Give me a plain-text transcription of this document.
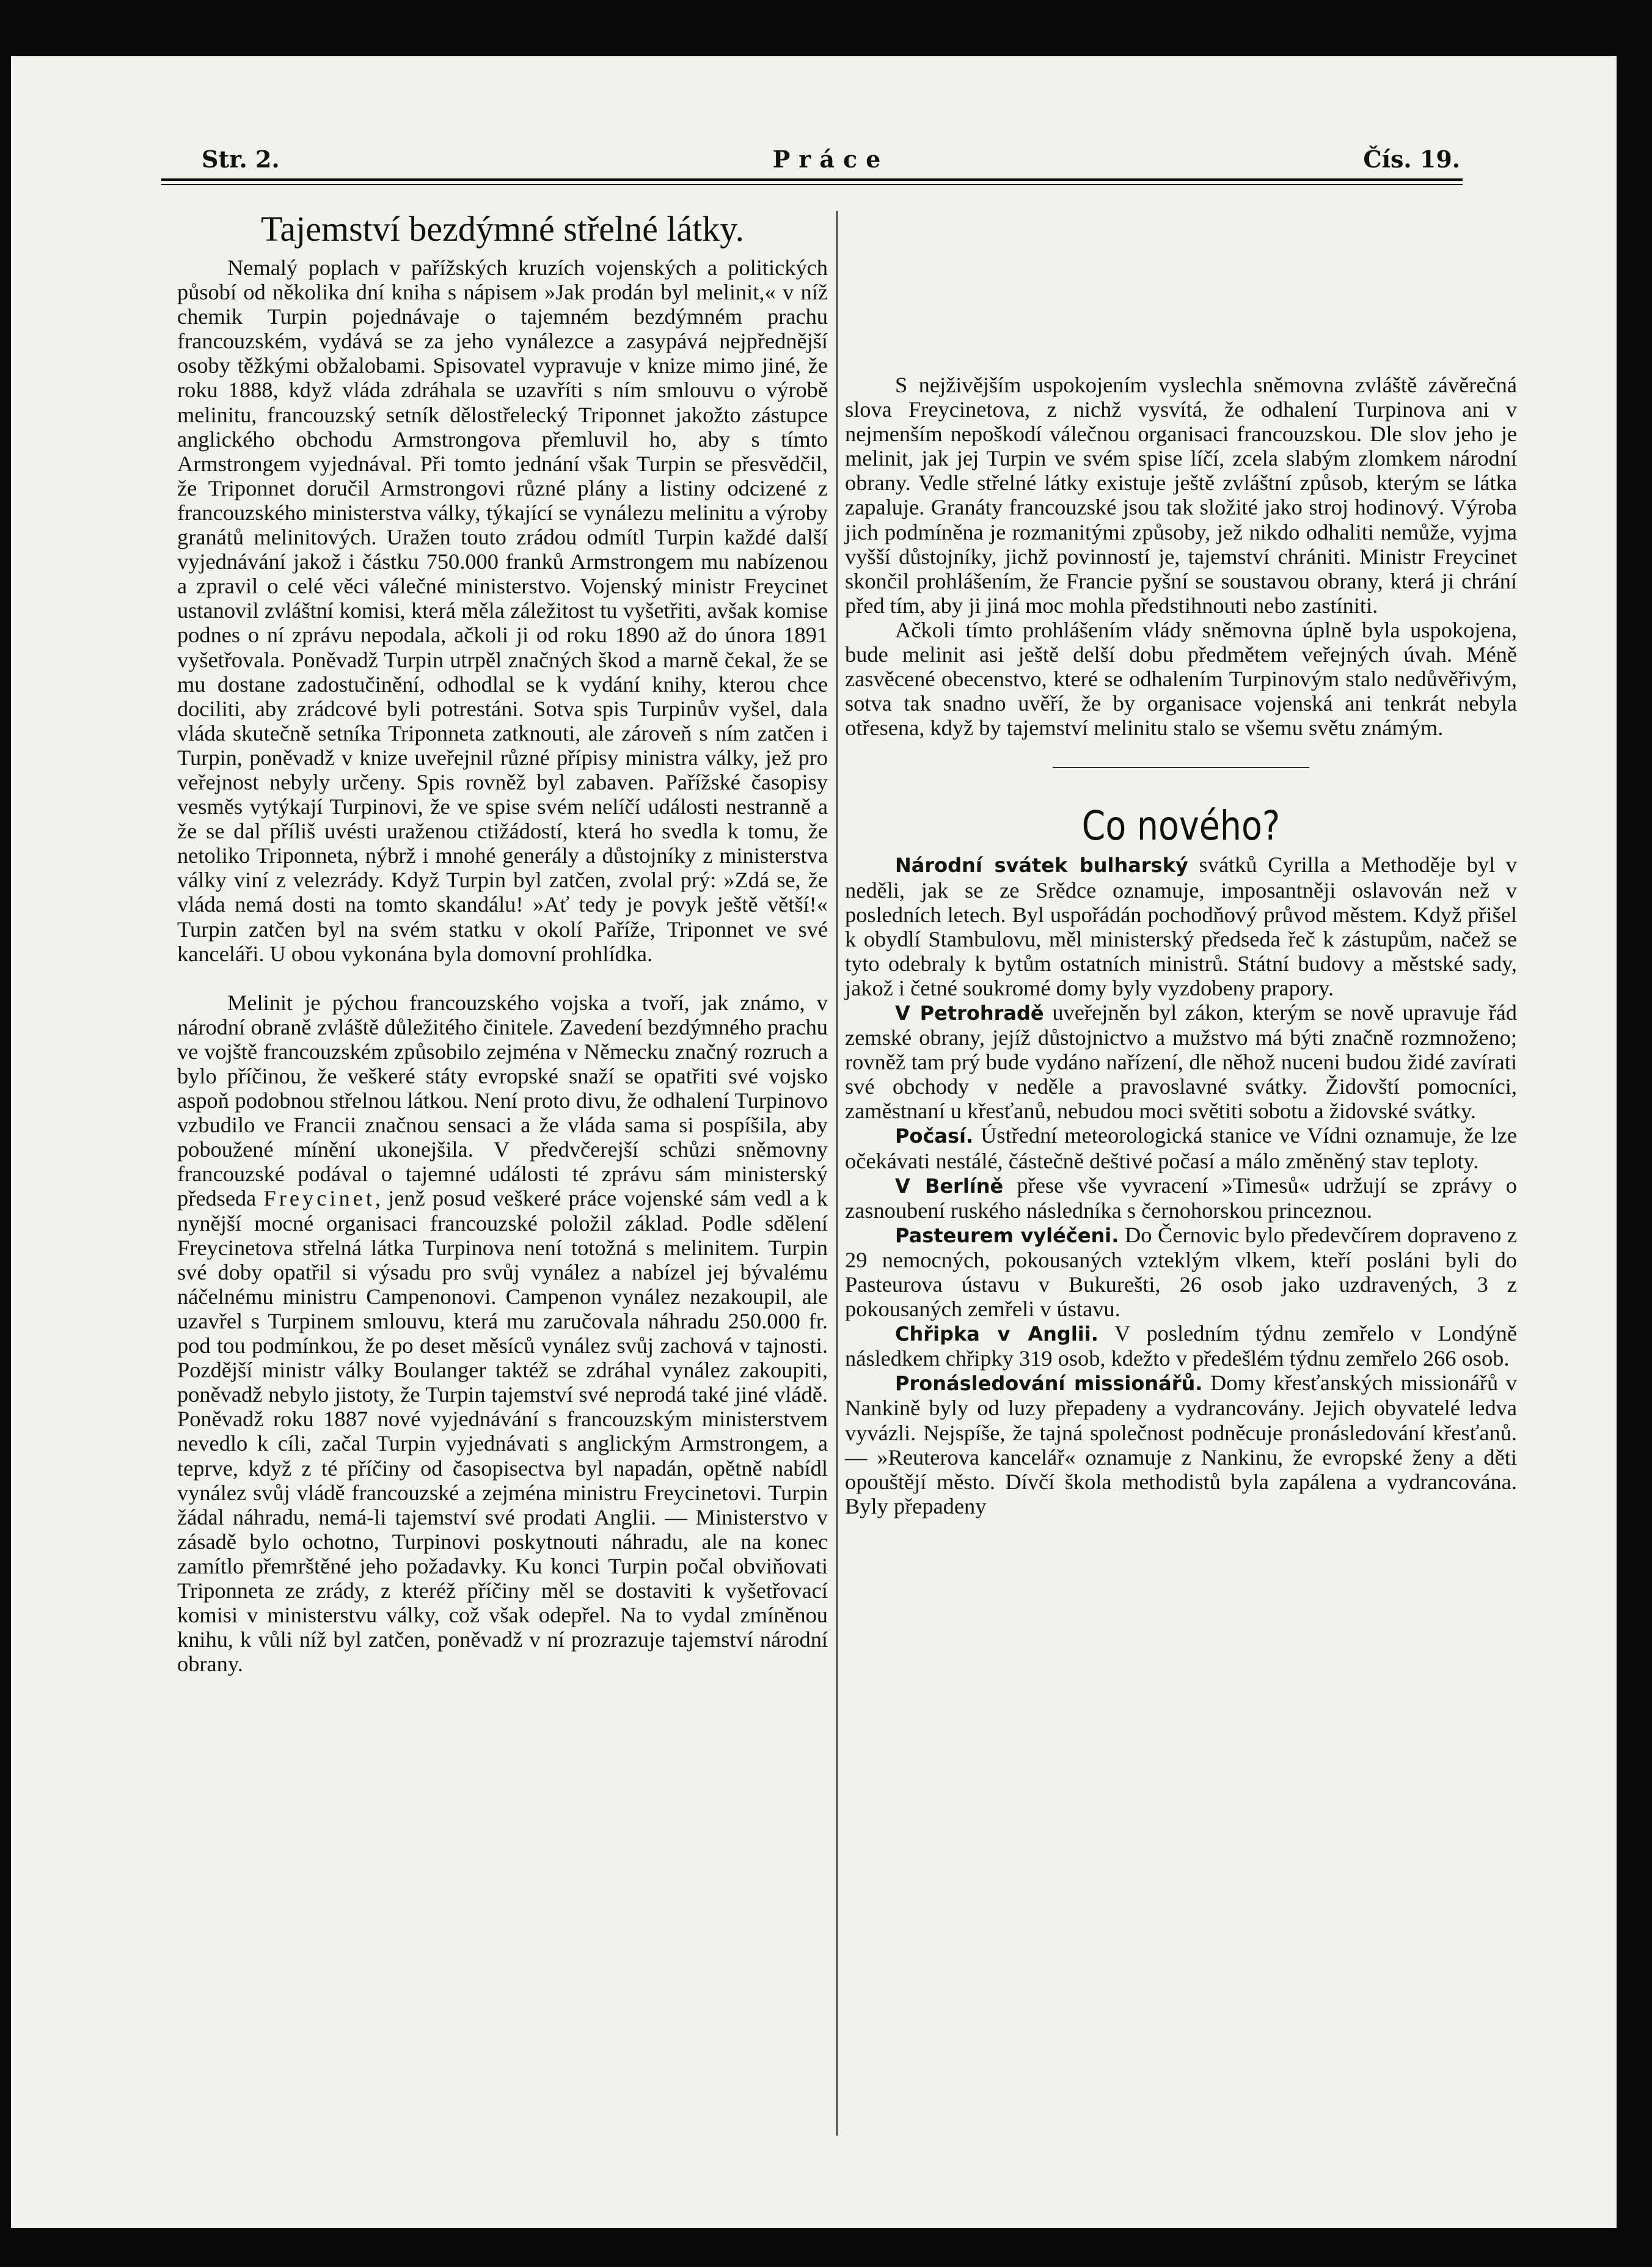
Str. 2.	Práce	Čís. 19.
Tajemství bezdýmné střelné látky.

Nemalý poplach v pařížských kruzích vojenských a politických působí od několika dní kniha s nápisem »Jak prodán byl melinit,« v níž chemik Turpin pojednávaje o tajemném bezdýmném prachu francouzském, vydává se za jeho vynálezce a zasypává nejpřednější osoby těžkými obžalobami. Spisovatel vypravuje v knize mimo jiné, že roku 1888, když vláda zdráhala se uzavříti s ním smlouvu o výrobě melinitu, francouzský setník dělostřelecký Triponnet jakožto zástupce anglického obchodu Armstrongova přemluvil ho, aby s tímto Armstrongem vyjednával. Při tomto jednání však Turpin se přesvědčil, že Triponnet doručil Armstrongovi různé plány a listiny odcizené z francouzského ministerstva války, týkající se vynálezu melinitu a výroby granátů melinitových. Uražen touto zrádou odmítl Turpin každé další vyjednávání jakož i částku 750.000 franků Armstrongem mu nabízenou a zpravil o celé věci válečné ministerstvo. Vojenský ministr Freycinet ustanovil zvláštní komisi, která měla záležitost tu vyšetřiti, avšak komise podnes o ní zprávu nepodala, ačkoli ji od roku 1890 až do února 1891 vyšetřovala. Poněvadž Turpin utrpěl značných škod a marně čekal, že se mu dostane zadostučinění, odhodlal se k vydání knihy, kterou chce dociliti, aby zrádcové byli potrestáni. Sotva spis Turpinův vyšel, dala vláda skutečně setníka Triponneta zatknouti, ale zároveň s ním zatčen i Turpin, poněvadž v knize uveřejnil různé přípisy ministra války, jež pro veřejnost nebyly určeny. Spis rovněž byl zabaven. Pařížské časopisy vesměs vytýkají Turpinovi, že ve spise svém nelíčí události nestranně a že se dal příliš uvésti uraženou ctižádostí, která ho svedla k tomu, že netoliko Triponneta, nýbrž i mnohé generály a důstojníky z ministerstva války viní z velezrády. Když Turpin byl zatčen, zvolal prý: »Zdá se, že vláda nemá dosti na tomto skandálu! »Ať tedy je povyk ještě větší!« Turpin zatčen byl na svém statku v okolí Paříže, Triponnet ve své kanceláři. U obou vykonána byla domovní prohlídka.

Melinit je pýchou francouzského vojska a tvoří, jak známo, v národní obraně zvláště důležitého činitele. Zavedení bezdýmného prachu ve vojště francouzském způsobilo zejména v Německu značný rozruch a bylo příčinou, že veškeré státy evropské snaží se opatřiti své vojsko aspoň podobnou střelnou látkou. Není proto divu, že odhalení Turpinovo vzbudilo ve Francii značnou sensaci a že vláda sama si pospíšila, aby poboužené mínění ukonejšila. V předvčerejší schůzi sněmovny francouzské podával o tajemné události té zprávu sám ministerský předseda Freycinet, jenž posud veškeré práce vojenské sám vedl a k nynější mocné organisaci francouzské položil základ. Podle sdělení Freycinetova střelná látka Turpinova není totožná s melinitem. Turpin své doby opatřil si výsadu pro svůj vynález a nabízel jej bývalému náčelnému ministru Campenonovi. Campenon vynález nezakoupil, ale uzavřel s Turpinem smlouvu, která mu zaručovala náhradu 250.000 fr. pod tou podmínkou, že po deset měsíců vynález svůj zachová v tajnosti. Pozdější ministr války Boulanger taktéž se zdráhal vynález zakoupiti, poněvadž nebylo jistoty, že Turpin tajemství své neprodá také jiné vládě. Poněvadž roku 1887 nové vyjednávání s francouzským ministerstvem nevedlo k cíli, začal Turpin vyjednávati s anglickým Armstrongem, a teprve, když z té příčiny od časopisectva byl napadán, opětně nabídl vynález svůj vládě francouzské a zejména ministru Freycinetovi. Turpin žádal náhradu, nemá-li tajemství své prodati Anglii. — Ministerstvo v zásadě bylo ochotno, Turpinovi poskytnouti náhradu, ale na konec zamítlo přemrštěné jeho požadavky. Ku konci Turpin počal obviňovati Triponneta ze zrády, z kteréž příčiny měl se dostaviti k vyšetřovací komisi v ministerstvu války, což však odepřel. Na to vydal zmíněnou knihu, k vůli níž byl zatčen, poněvadž v ní prozrazuje tajemství národní obrany.

S nejživějším uspokojením vyslechla sněmovna zvláště závěrečná slova Freycinetova, z nichž vysvítá, že odhalení Turpinova ani v nejmenším nepoškodí válečnou organisaci francouzskou. Dle slov jeho je melinit, jak jej Turpin ve svém spise líčí, zcela slabým zlomkem národní obrany. Vedle střelné látky existuje ještě zvláštní způsob, kterým se látka zapaluje. Granáty francouzské jsou tak složité jako stroj hodinový. Výroba jich podmíněna je rozmanitými způsoby, jež nikdo odhaliti nemůže, vyjma vyšší důstojníky, jichž povinností je, tajemství chrániti. Ministr Freycinet skončil prohlášením, že Francie pyšní se soustavou obrany, která ji chrání před tím, aby ji jiná moc mohla předstihnouti nebo zastíniti.

Ačkoli tímto prohlášením vlády sněmovna úplně byla uspokojena, bude melinit asi ještě delší dobu předmětem veřejných úvah. Méně zasvěcené obecenstvo, které se odhalením Turpinovým stalo nedůvěřivým, sotva tak snadno uvěří, že by organisace vojenská ani tenkrát nebyla otřesena, když by tajemství melinitu stalo se všemu světu známým.

Co nového?

Národní svátek bulharský svátků Cyrilla a Methoděje byl v neděli, jak se ze Srědce oznamuje, imposantněji oslavován než v posledních letech. Byl uspořádán pochodňový průvod městem. Když přišel k obydlí Stambulovu, měl ministerský předseda řeč k zástupům, načež se tyto odebraly k bytům ostatních ministrů. Státní budovy a městské sady, jakož i četné soukromé domy byly vyzdobeny prapory.

V Petrohradě uveřejněn byl zákon, kterým se nově upravuje řád zemské obrany, jejíž důstojnictvo a mužstvo má býti značně rozmnoženo; rovněž tam prý bude vydáno nařízení, dle něhož nuceni budou židé zavírati své obchody v neděle a pravoslavné svátky. Židovští pomocníci, zaměstnaní u křesťanů, nebudou moci světiti sobotu a židovské svátky.

Počasí. Ústřední meteorologická stanice ve Vídni oznamuje, že lze očekávati nestálé, částečně deštivé počasí a málo změněný stav teploty.

V Berlíně přese vše vyvracení »Timesů« udržují se zprávy o zasnoubení ruského následníka s černohorskou princeznou.

Pasteurem vyléčeni. Do Černovic bylo předevčírem dopraveno z 29 nemocných, pokousaných vzteklým vlkem, kteří posláni byli do Pasteurova ústavu v Bukurešti, 26 osob jako uzdravených, 3 z pokousaných zemřeli v ústavu.

Chřipka v Anglii. V posledním týdnu zemřelo v Londýně následkem chřipky 319 osob, kdežto v předešlém týdnu zemřelo 266 osob.

Pronásledování missionářů. Domy křesťanských missionářů v Nankině byly od luzy přepadeny a vydrancovány. Jejich obyvatelé ledva vyvázli. Nejspíše, že tajná společnost podněcuje pronásledování křesťanů. — »Reuterova kancelář« oznamuje z Nankinu, že evropské ženy a děti opouštějí město. Dívčí škola methodistů byla zapálena a vydrancována. Byly přepadeny
